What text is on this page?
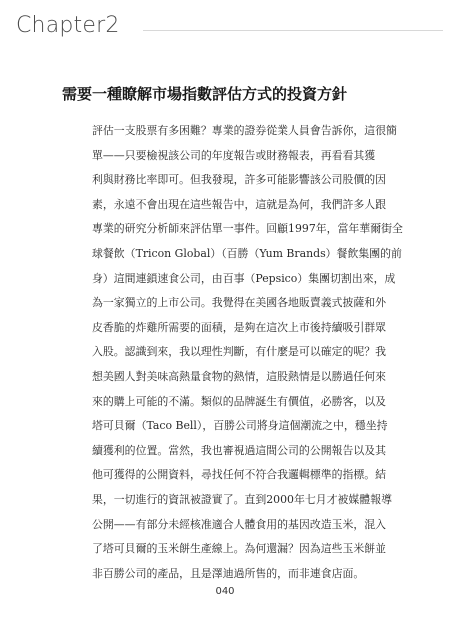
Chapter2
需要一種瞭解市場指數評估方式的投資方針
評估一支股票有多困難？專業的證券從業人員會告訴你，這很簡
單——只要檢視該公司的年度報告或財務報表，再看看其獲
利與財務比率即可。但我發現，許多可能影響該公司股價的因
素，永遠不會出現在這些報告中，這就是為何，我們許多人跟
專業的研究分析師來評估單一事件。回顧1997年，當年華爾街全
球餐飲（Tricon Global）（百勝（Yum Brands）餐飲集團的前
身）這間連鎖速食公司，由百事（Pepsico）集團切割出來，成
為一家獨立的上市公司。我覺得在美國各地販賣義式披薩和外
皮香脆的炸雞所需要的面積，是夠在這次上市後持續吸引群眾
入股。認識到來，我以理性判斷，有什麼是可以確定的呢？我
想美國人對美味高熱量食物的熱情，這股熱情是以勝過任何來
來的購上可能的不滿。類似的品牌誕生有價值，必勝客，以及
塔可貝爾（Taco Bell），百勝公司將身這個潮流之中，穩坐持
續獲利的位置。當然，我也審視過這間公司的公開報告以及其
他可獲得的公開資料，尋找任何不符合我邏輯標準的指標。結
果，一切進行的資訊被證實了。直到2000年七月才被媒體報導
公開——有部分未經核准適合人體食用的基因改造玉米，混入
了塔可貝爾的玉米餅生產線上。為何還漏？因為這些玉米餅並
非百勝公司的產品，且是澤迪過所售的，而非連食店面。
040
